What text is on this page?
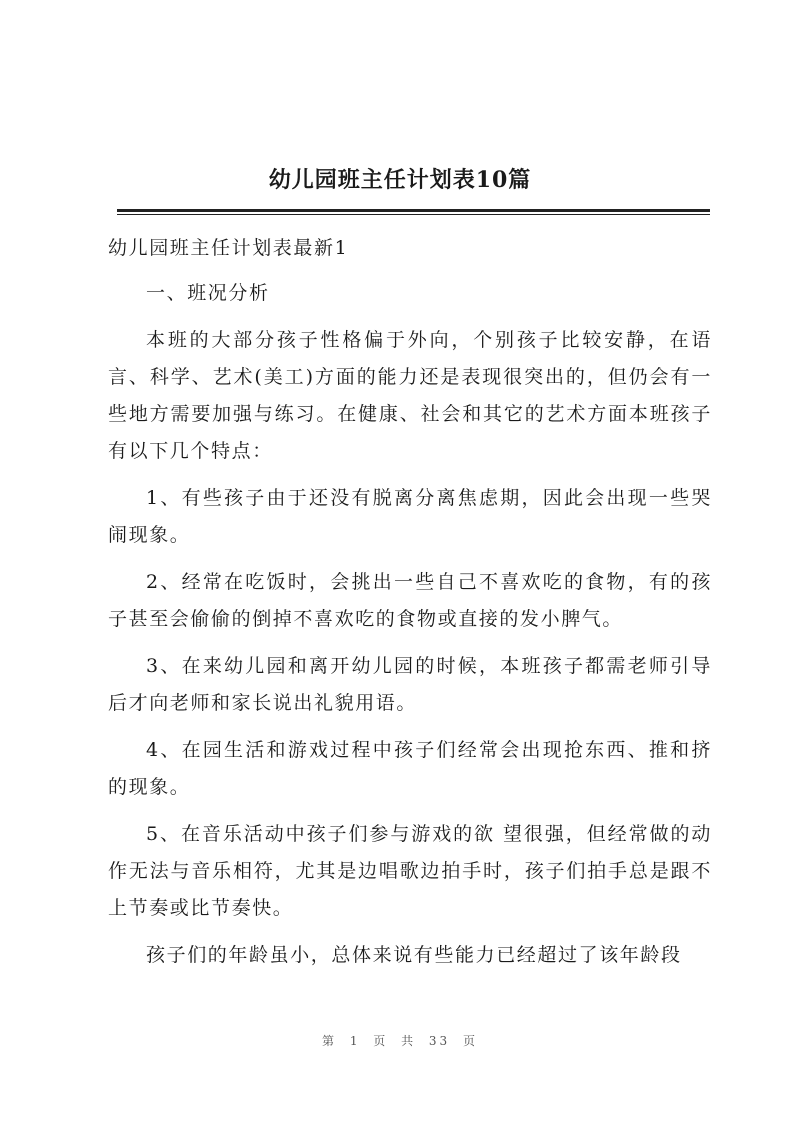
幼儿园班主任计划表10篇

幼儿园班主任计划表最新1

一、班况分析

本班的大部分孩子性格偏于外向，个别孩子比较安静，在语言、科学、艺术(美工)方面的能力还是表现很突出的，但仍会有一些地方需要加强与练习。在健康、社会和其它的艺术方面本班孩子有以下几个特点：

1、有些孩子由于还没有脱离分离焦虑期，因此会出现一些哭闹现象。

2、经常在吃饭时，会挑出一些自己不喜欢吃的食物，有的孩子甚至会偷偷的倒掉不喜欢吃的食物或直接的发小脾气。

3、在来幼儿园和离开幼儿园的时候，本班孩子都需老师引导后才向老师和家长说出礼貌用语。

4、在园生活和游戏过程中孩子们经常会出现抢东西、推和挤的现象。

5、在音乐活动中孩子们参与游戏的欲 望很强，但经常做的动作无法与音乐相符，尤其是边唱歌边拍手时，孩子们拍手总是跟不上节奏或比节奏快。

孩子们的年龄虽小，总体来说有些能力已经超过了该年龄段

第 1 页 共 33 页
